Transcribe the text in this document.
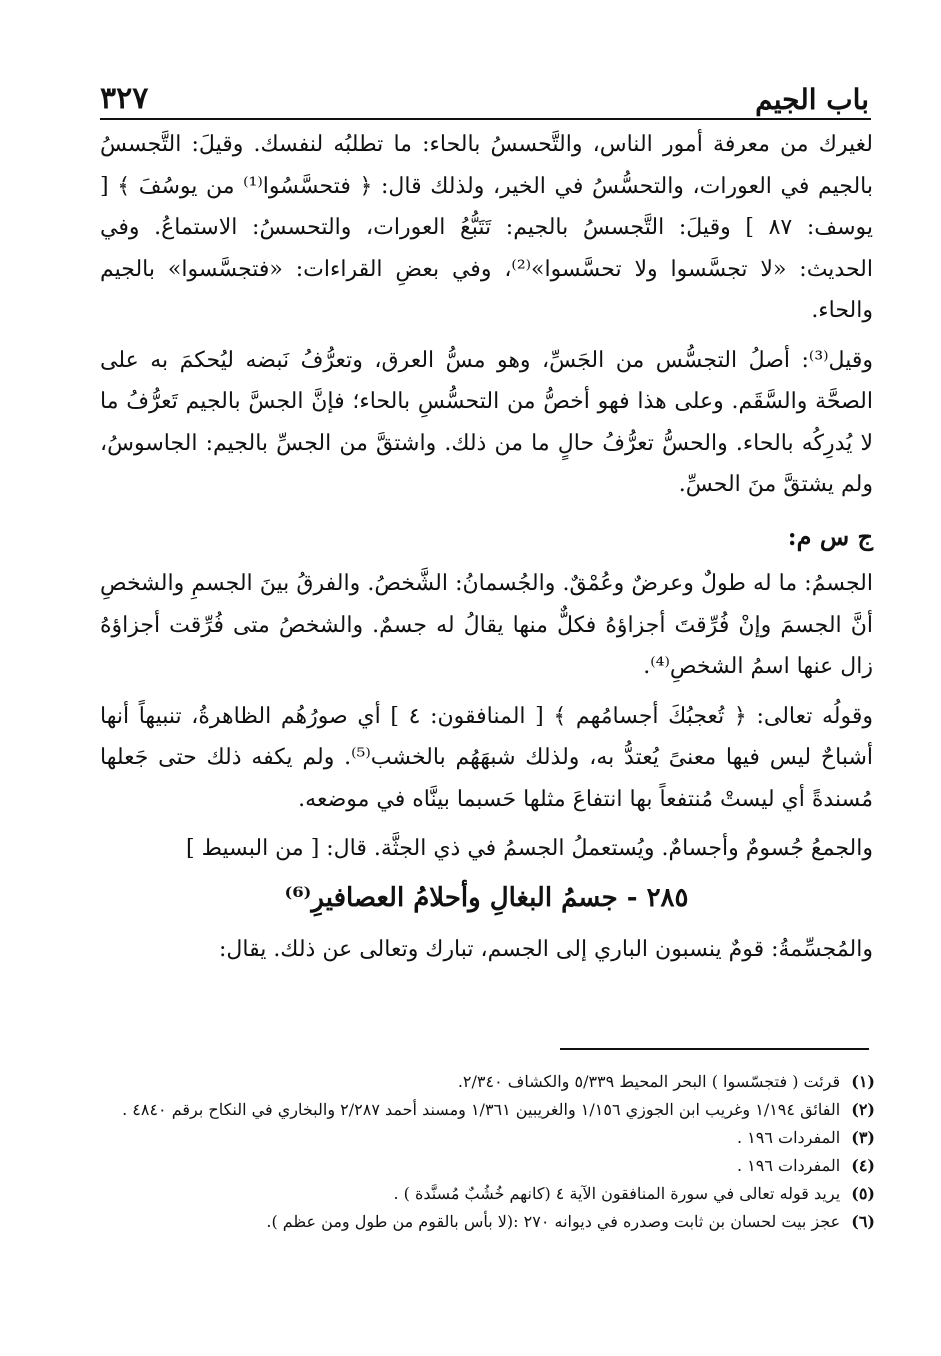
باب الجيم
٣٢٧

لغيرك من معرفة أمور الناس، والتَّحسسُ بالحاء: ما تطلبُه لنفسك. وقيلَ: التَّجسسُ بالجيم في العورات، والتحسُّسُ في الخير، ولذلك قال: ﴿ فتحسَّسُوا⁽¹⁾ من يوسُفَ ﴾ [ يوسف: ٨٧ ] وقيلَ: التَّجسسُ بالجيم: تَتَبُّعُ العورات، والتحسسُ: الاستماعُ. وفي الحديث: «لا تجسَّسوا ولا تحسَّسوا»⁽²⁾، وفي بعضِ القراءات: «فتجسَّسوا» بالجيم والحاء.

وقيل⁽³⁾: أصلُ التجسُّس من الجَسِّ، وهو مسُّ العرق، وتعرُّفُ نَبضه ليُحكمَ به على الصحَّة والسَّقَم. وعلى هذا فهو أخصُّ من التحسُّسِ بالحاء؛ فإنَّ الجسَّ بالجيم تَعرُّفُ ما لا يُدرِكُه بالحاء. والحسُّ تعرُّفُ حالٍ ما من ذلك. واشتقَّ من الجسِّ بالجيم: الجاسوسُ، ولم يشتقَّ منَ الحسِّ.

ج س م:

الجسمُ: ما له طولٌ وعرضٌ وعُمْقٌ. والجُسمانُ: الشَّخصُ. والفرقُ بينَ الجسمِ والشخصِ أنَّ الجسمَ وإنْ فُرِّقتَ أجزاؤهُ فكلٌّ منها يقالُ له جسمٌ. والشخصُ متى فُرِّقت أجزاؤهُ زال عنها اسمُ الشخصِ⁽⁴⁾.

وقولُه تعالى: ﴿ تُعجبُكَ أجسامُهم ﴾ [ المنافقون: ٤ ] أي صورُهُم الظاهرةُ، تنبيهاً أنها أشباحٌ ليس فيها معنىً يُعتدُّ به، ولذلك شبهَهُم بالخشب⁽⁵⁾. ولم يكفه ذلك حتى جَعلها مُسندةً أي ليستْ مُنتفعاً بها انتفاعَ مثلها حَسبما بينَّاه في موضعه.

والجمعُ جُسومٌ وأجسامٌ. ويُستعملُ الجسمُ في ذي الجثَّة. قال: [ من البسيط ]

٢٨٥ - جسمُ البغالِ وأحلامُ العصافيرِ⁽⁶⁾

والمُجسِّمةُ: قومٌ ينسبون الباري إلى الجسم، تبارك وتعالى عن ذلك. يقال:

(١) قرئت ( فتجسّسوا ) البحر المحيط ٥/٣٣٩ والكشاف ٢/٣٤٠.

(٢) الفائق ١/١٩٤ وغريب ابن الجوزي ١/١٥٦ والغريبين ١/٣٦١ ومسند أحمد ٢/٢٨٧ والبخاري في النكاح برقم ٤٨٤٠ .

(٣) المفردات ١٩٦ .

(٤) المفردات ١٩٦ .

(٥) يريد قوله تعالى في سورة المنافقون الآية ٤ (كانهم خُشُبٌ مُسنَّدة ) .

(٦) عجز بيت لحسان بن ثابت وصدره في ديوانه ٢٧٠ :(لا بأس بالقوم من طول ومن عظم ).
